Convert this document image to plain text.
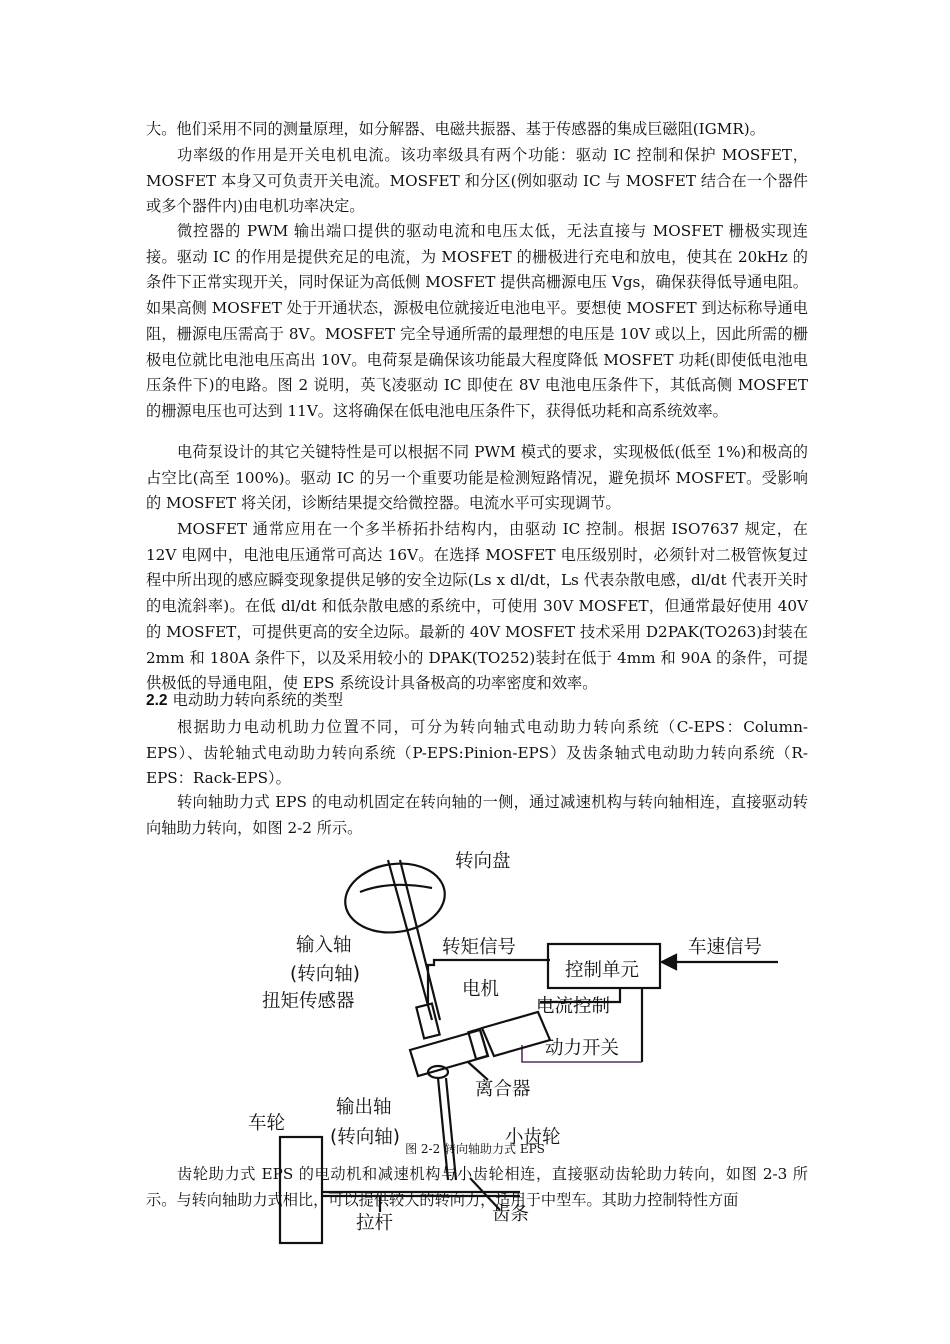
大。他们采用不同的测量原理，如分解器、电磁共振器、基于传感器的集成巨磁阻(IGMR)。

功率级的作用是开关电机电流。该功率级具有两个功能：驱动 IC 控制和保护 MOSFET，MOSFET 本身又可负责开关电流。MOSFET 和分区(例如驱动 IC 与 MOSFET 结合在一个器件或多个器件内)由电机功率决定。

微控器的 PWM 输出端口提供的驱动电流和电压太低，无法直接与 MOSFET 栅极实现连接。驱动 IC 的作用是提供充足的电流，为 MOSFET 的栅极进行充电和放电，使其在 20kHz 的条件下正常实现开关，同时保证为高低侧 MOSFET 提供高栅源电压 Vgs，确保获得低导通电阻。如果高侧 MOSFET 处于开通状态，源极电位就接近电池电平。要想使 MOSFET 到达标称导通电阻，栅源电压需高于 8V。MOSFET 完全导通所需的最理想的电压是 10V 或以上，因此所需的栅极电位就比电池电压高出 10V。电荷泵是确保该功能最大程度降低 MOSFET 功耗(即使低电池电压条件下)的电路。图 2 说明，英飞凌驱动 IC 即使在 8V 电池电压条件下，其低高侧 MOSFET 的栅源电压也可达到 11V。这将确保在低电池电压条件下，获得低功耗和高系统效率。

电荷泵设计的其它关键特性是可以根据不同 PWM 模式的要求，实现极低(低至 1%)和极高的占空比(高至 100%)。驱动 IC 的另一个重要功能是检测短路情况，避免损坏 MOSFET。受影响的 MOSFET 将关闭，诊断结果提交给微控器。电流水平可实现调节。

MOSFET 通常应用在一个多半桥拓扑结构内，由驱动 IC 控制。根据 ISO7637 规定，在 12V 电网中，电池电压通常可高达 16V。在选择 MOSFET 电压级别时，必须针对二极管恢复过程中所出现的感应瞬变现象提供足够的安全边际(Ls x dl/dt，Ls 代表杂散电感，dl/dt 代表开关时的电流斜率)。在低 dl/dt 和低杂散电感的系统中，可使用 30V MOSFET，但通常最好使用 40V 的 MOSFET，可提供更高的安全边际。最新的 40V MOSFET 技术采用 D2PAK(TO263)封装在 2mm 和 180A 条件下，以及采用较小的 DPAK(TO252)装封在低于 4mm 和 90A 的条件，可提供极低的导通电阻，使 EPS 系统设计具备极高的功率密度和效率。

2.2 电动助力转向系统的类型

根据助力电动机助力位置不同，可分为转向轴式电动助力转向系统（C-EPS：Column-EPS）、齿轮轴式电动助力转向系统（P-EPS:Pinion-EPS）及齿条轴式电动助力转向系统（R-EPS：Rack-EPS）。

转向轴助力式 EPS 的电动机固定在转向轴的一侧，通过减速机构与转向轴相连，直接驱动转向轴助力转向，如图 2-2 所示。

转向盘
输入轴
(转向轴)
扭矩传感器
转矩信号
控制单元
车速信号
电机
电流控制
动力开关
离合器
输出轴
(转向轴)
车轮
小齿轮
拉杆	齿条

图 2-2 转向轴助力式 EPS

齿轮助力式 EPS 的电动机和减速机构与小齿轮相连，直接驱动齿轮助力转向，如图 2-3 所示。与转向轴助力式相比，可以提供较大的转向力，适用于中型车。其助力控制特性方面
